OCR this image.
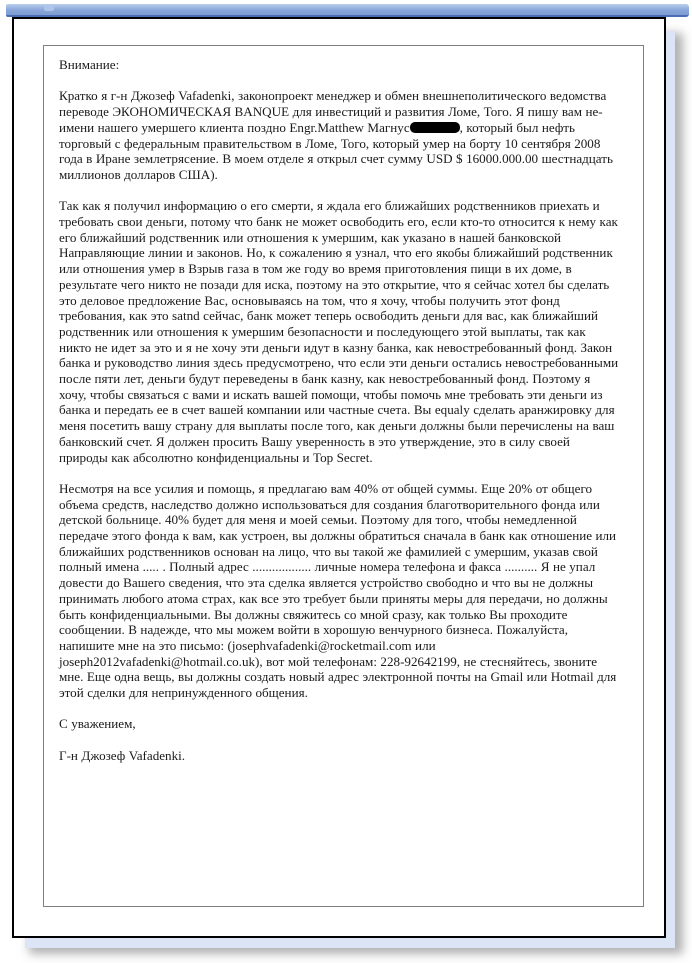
Внимание:

Кратко я г-н Джозеф Vafadenki, законопроект менеджер и обмен внешнеполитического ведомства переводе ЭКОНОМИЧЕСКАЯ BANQUE для инвестиций и развития Ломе, Того. Я пишу вам не-имени нашего умершего клиента поздно Engr.Matthew Магнус	, который был нефть торговый с федеральным правительством в Ломе, Того, который умер на борту 10 сентября 2008 года в Иране землетрясение. В моем отделе я открыл счет сумму USD $ 16000.000.00 шестнадцать миллионов долларов США).

Так как я получил информацию о его смерти, я ждала его ближайших родственников приехать и требовать свои деньги, потому что банк не может освободить его, если кто-то относится к нему как его ближайший родственник или отношения к умершим, как указано в нашей банковской Направляющие линии и законов. Но, к сожалению я узнал, что его якобы ближайший родственник или отношения умер в Взрыв газа в том же году во время приготовления пищи в их доме, в результате чего никто не позади для иска, поэтому на это открытие, что я сейчас хотел бы сделать это деловое предложение Вас, основываясь на том, что я хочу, чтобы получить этот фонд требования, как это satnd сейчас, банк может теперь освободить деньги для вас, как ближайший родственник или отношения к умершим безопасности и последующего этой выплаты, так как никто не идет за это и я не хочу эти деньги идут в казну банка, как невостребованный фонд. Закон банка и руководство линия здесь предусмотрено, что если эти деньги остались невостребованными после пяти лет, деньги будут переведены в банк казну, как невостребованный фонд. Поэтому я хочу, чтобы связаться с вами и искать вашей помощи, чтобы помочь мне требовать эти деньги из банка и передать ее в счет вашей компании или частные счета. Вы equaly сделать аранжировку для меня посетить вашу страну для выплаты после того, как деньги должны были перечислены на ваш банковский счет. Я должен просить Вашу уверенность в это утверждение, это в силу своей природы как абсолютно конфиденциальны и Top Secret.

Несмотря на все усилия и помощь, я предлагаю вам 40% от общей суммы. Еще 20% от общего объема средств, наследство должно использоваться для создания благотворительного фонда или детской больнице. 40% будет для меня и моей семьи. Поэтому для того, чтобы немедленной передаче этого фонда к вам, как устроен, вы должны обратиться сначала в банк как отношение или ближайших родственников основан на лицо, что вы такой же фамилией с умершим, указав свой полный имена ..... . Полный адрес .................. личные номера телефона и факса .......... Я не упал довести до Вашего сведения, что эта сделка является устройство свободно и что вы не должны принимать любого атома страх, как все это требует были приняты меры для передачи, но должны быть конфиденциальными. Вы должны свяжитесь со мной сразу, как только Вы проходите сообщении. В надежде, что мы можем войти в хорошую венчурного бизнеса. Пожалуйста, напишите мне на это письмо: (josephvafadenki@rocketmail.com или joseph2012vafadenki@hotmail.co.uk), вот мой телефонам: 228-92642199, не стесняйтесь, звоните мне. Еще одна вещь, вы должны создать новый адрес электронной почты на Gmail или Hotmail для этой сделки для непринужденного общения.

С уважением,

Г-н Джозеф Vafadenki.
